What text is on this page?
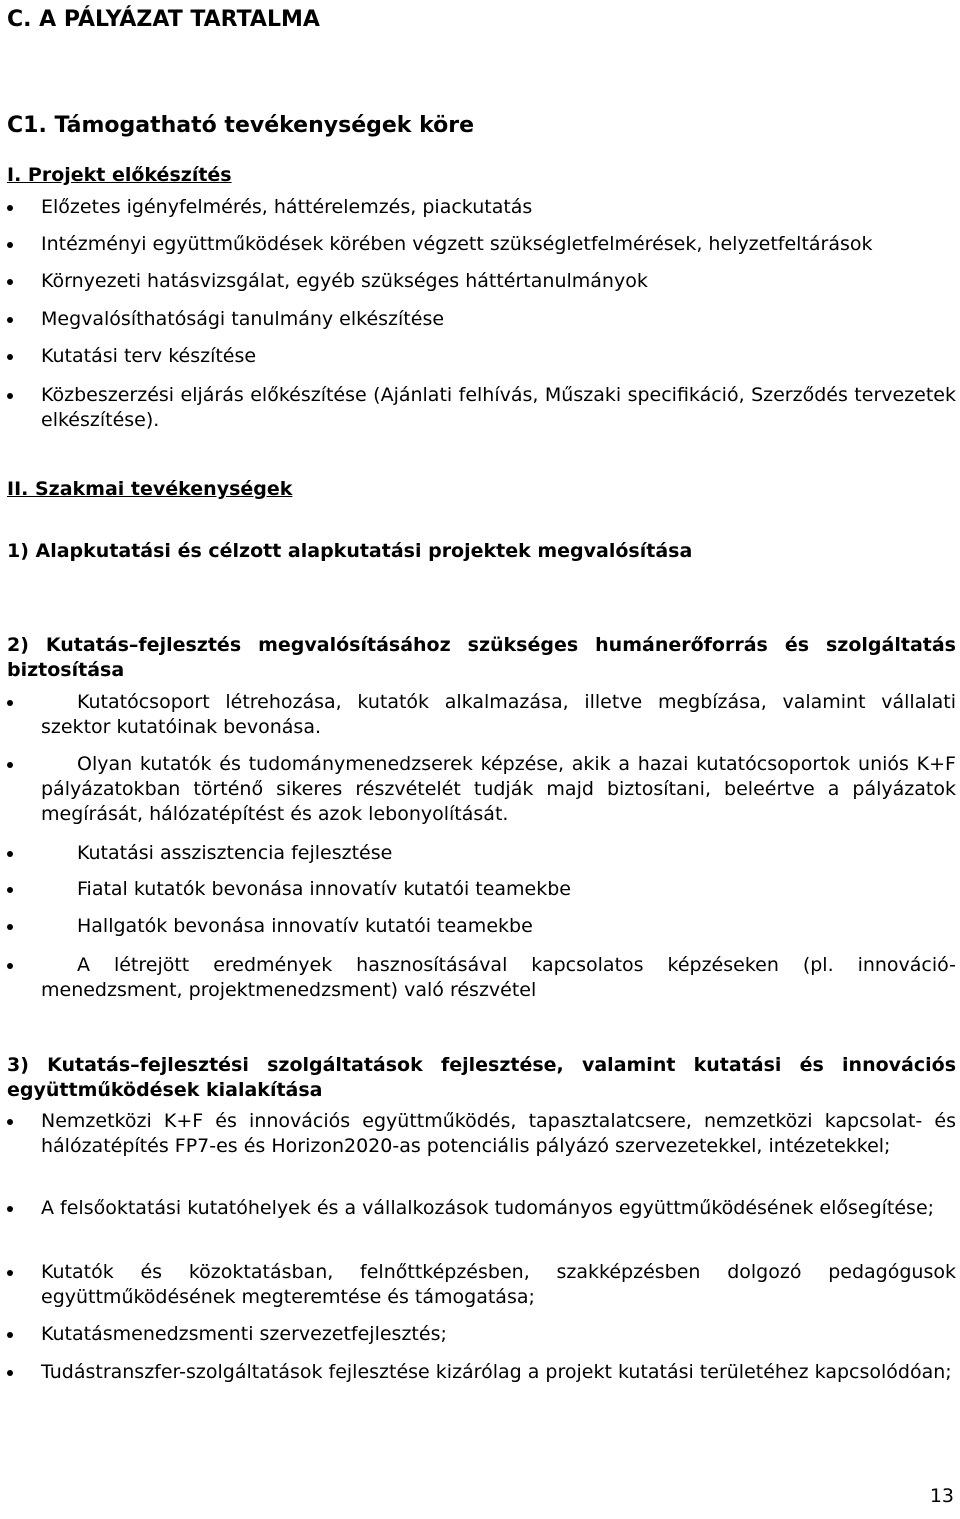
C. A PÁLYÁZAT TARTALMA
C1. Támogatható tevékenységek köre
I. Projekt előkészítés
Előzetes igényfelmérés, háttérelemzés, piackutatás
Intézményi együttműködések körében végzett szükségletfelmérések, helyzetfeltárások
Környezeti hatásvizsgálat, egyéb szükséges háttértanulmányok
Megvalósíthatósági tanulmány elkészítése
Kutatási terv készítése
Közbeszerzési eljárás előkészítése (Ajánlati felhívás, Műszaki specifikáció, Szerződés tervezetek elkészítése).
II. Szakmai tevékenységek
1) Alapkutatási és célzott alapkutatási projektek megvalósítása
2) Kutatás–fejlesztés megvalósításához szükséges humánerőforrás és szolgáltatás biztosítása
Kutatócsoport létrehozása, kutatók alkalmazása, illetve megbízása, valamint vállalati szektor kutatóinak bevonása.
Olyan kutatók és tudománymenedzserek képzése, akik a hazai kutatócsoportok uniós K+F pályázatokban történő sikeres részvételét tudják majd biztosítani, beleértve a pályázatok megírását, hálózatépítést és azok lebonyolítását.
Kutatási asszisztencia fejlesztése
Fiatal kutatók bevonása innovatív kutatói teamekbe
Hallgatók bevonása innovatív kutatói teamekbe
A létrejött eredmények hasznosításával kapcsolatos képzéseken (pl. innováció-menedzsment, projektmenedzsment) való részvétel
3) Kutatás–fejlesztési szolgáltatások fejlesztése, valamint kutatási és innovációs együttműködések kialakítása
Nemzetközi K+F és innovációs együttműködés, tapasztalatcsere, nemzetközi kapcsolat- és hálózatépítés FP7-es és Horizon2020-as potenciális pályázó szervezetekkel, intézetekkel;
A felsőoktatási kutatóhelyek és a vállalkozások tudományos együttműködésének elősegítése;
Kutatók és közoktatásban, felnőttképzésben, szakképzésben dolgozó pedagógusok együttműködésének megteremtése és támogatása;
Kutatásmenedzsmenti szervezetfejlesztés;
Tudástranszfer-szolgáltatások fejlesztése kizárólag a projekt kutatási területéhez kapcsolódóan;
13
